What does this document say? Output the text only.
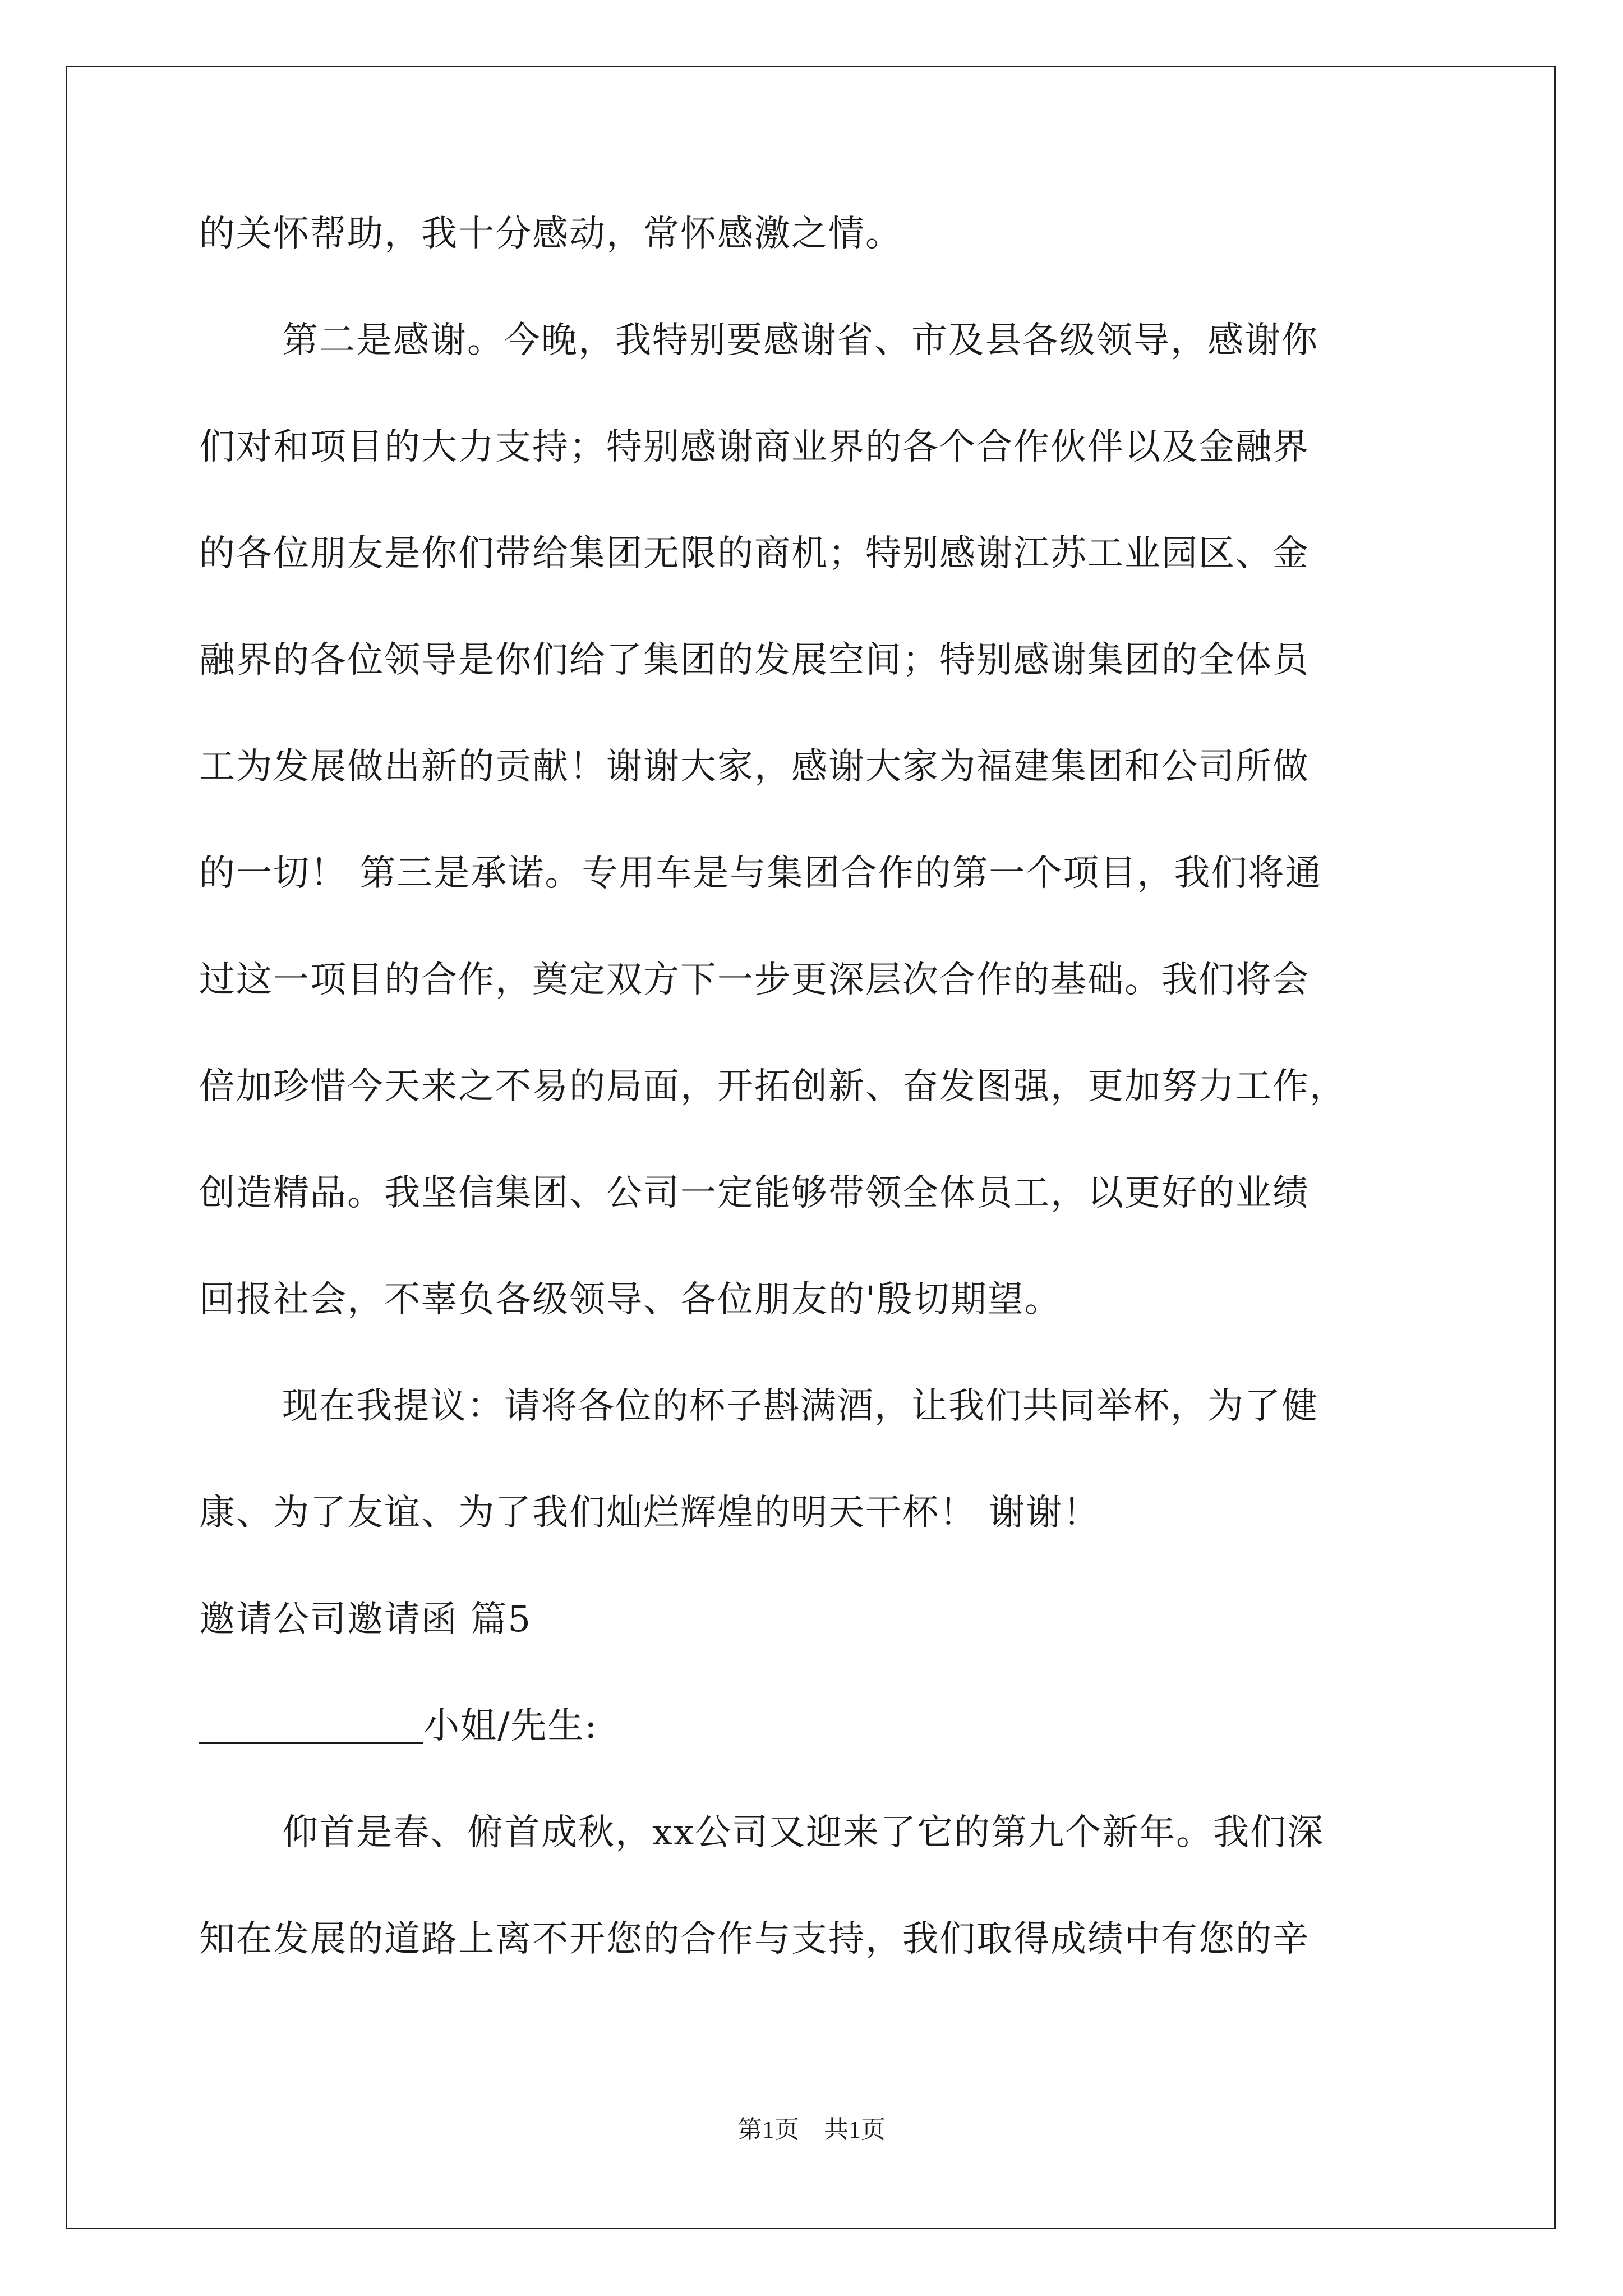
的关怀帮助，我十分感动，常怀感激之情。
第二是感谢。今晚，我特别要感谢省、市及县各级领导，感谢你
们对和项目的大力支持；特别感谢商业界的各个合作伙伴以及金融界
的各位朋友是你们带给集团无限的商机；特别感谢江苏工业园区、金
融界的各位领导是你们给了集团的发展空间；特别感谢集团的全体员
工为发展做出新的贡献！谢谢大家，感谢大家为福建集团和公司所做
的一切！ 第三是承诺。专用车是与集团合作的第一个项目，我们将通
过这一项目的合作，奠定双方下一步更深层次合作的基础。我们将会
倍加珍惜今天来之不易的局面，开拓创新、奋发图强，更加努力工作，
创造精品。我坚信集团、公司一定能够带领全体员工，以更好的业绩
回报社会，不辜负各级领导、各位朋友的'殷切期望。
现在我提议：请将各位的杯子斟满酒，让我们共同举杯，为了健
康、为了友谊、为了我们灿烂辉煌的明天干杯！ 谢谢！
邀请公司邀请函 篇5
小姐/先生:
仰首是春、俯首成秋，xx公司又迎来了它的第九个新年。我们深
知在发展的道路上离不开您的合作与支持，我们取得成绩中有您的辛
第1页　共1页
